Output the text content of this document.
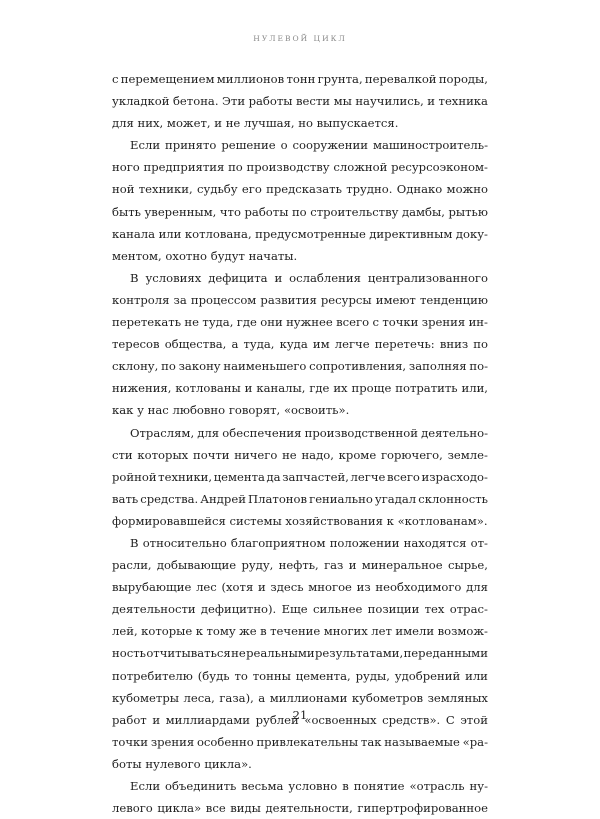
НУЛЕВОЙ ЦИКЛ
с перемещением миллионов тонн грунта, перевалкой породы,
укладкой бетона. Эти работы вести мы научились, и техника
для них, может, и не лучшая, но выпускается.
Если принято решение о сооружении машиностроитель-
ного предприятия по производству сложной ресурсоэконом-
ной техники, судьбу его предсказать трудно. Однако можно
быть уверенным, что работы по строительству дамбы, рытью
канала или котлована, предусмотренные директивным доку-
ментом, охотно будут начаты.
В условиях дефицита и ослабления централизованного
контроля за процессом развития ресурсы имеют тенденцию
перетекать не туда, где они нужнее всего с точки зрения ин-
тересов общества, а туда, куда им легче перетечь: вниз по
склону, по закону наименьшего сопротивления, заполняя по-
нижения, котлованы и каналы, где их проще потратить или,
как у нас любовно говорят, «освоить».
Отраслям, для обеспечения производственной деятельно-
сти которых почти ничего не надо, кроме горючего, земле-
ройной техники, цемента да запчастей, легче всего израсходо-
вать средства. Андрей Платонов гениально угадал склонность
формировавшейся системы хозяйствования к «котлованам».
В относительно благоприятном положении находятся от-
расли, добывающие руду, нефть, газ и минеральное сырье,
вырубающие лес (хотя и здесь многое из необходимого для
деятельности дефицитно). Еще сильнее позиции тех отрас-
лей, которые к тому же в течение многих лет имели возмож-
ность отчитываться не реальными результатами, переданными
потребителю (будь то тонны цемента, руды, удобрений или
кубометры леса, газа), а миллионами кубометров земляных
работ и миллиардами рублей «освоенных средств». С этой
точки зрения особенно привлекательны так называемые «ра-
боты нулевого цикла».
Если объединить весьма условно в понятие «отрасль ну-
левого цикла» все виды деятельности, гипертрофированное
21
